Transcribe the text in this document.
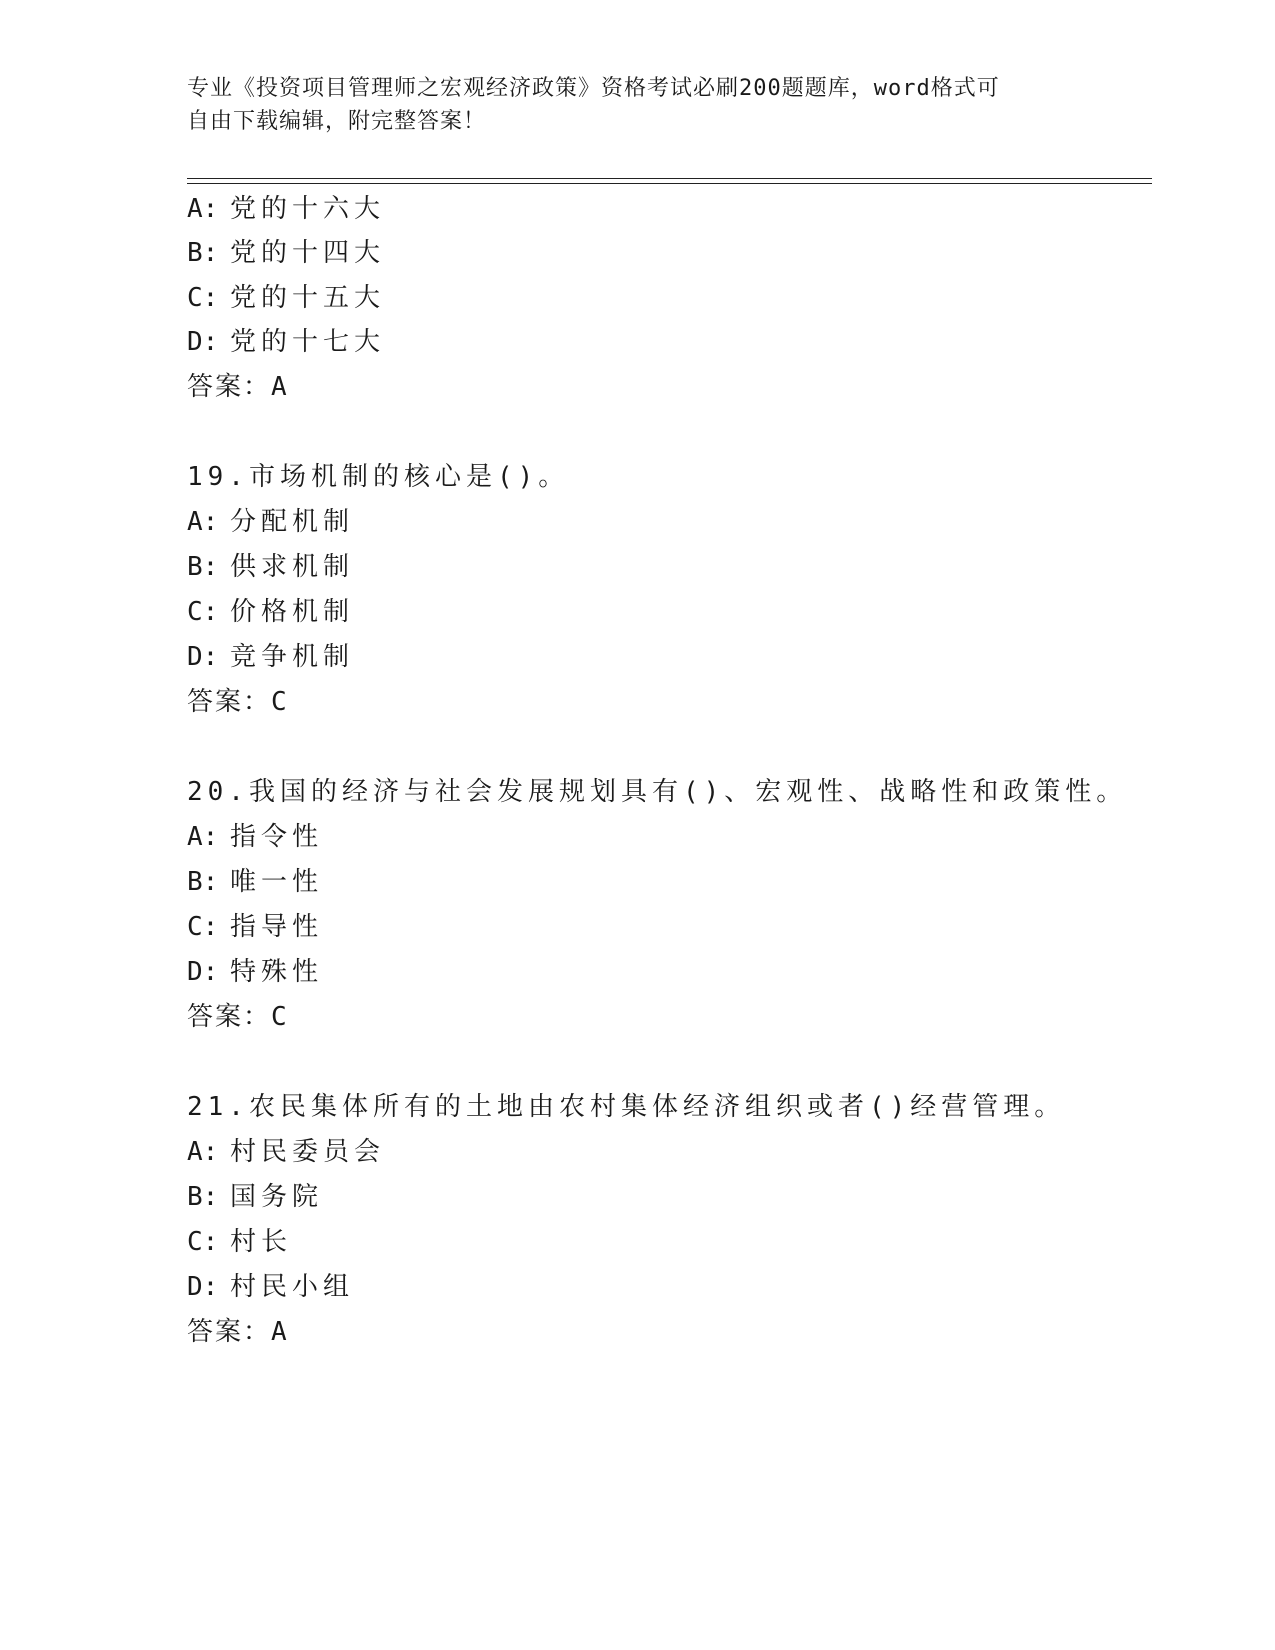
专业《投资项目管理师之宏观经济政策》资格考试必刷200题题库，word格式可
自由下载编辑，附完整答案！
A: 党的十六大
B: 党的十四大
C: 党的十五大
D: 党的十七大
答案：A
19.市场机制的核心是()。
A: 分配机制
B: 供求机制
C: 价格机制
D: 竞争机制
答案：C
20.我国的经济与社会发展规划具有()、宏观性、战略性和政策性。
A: 指令性
B: 唯一性
C: 指导性
D: 特殊性
答案：C
21.农民集体所有的土地由农村集体经济组织或者()经营管理。
A: 村民委员会
B: 国务院
C: 村长
D: 村民小组
答案：A
